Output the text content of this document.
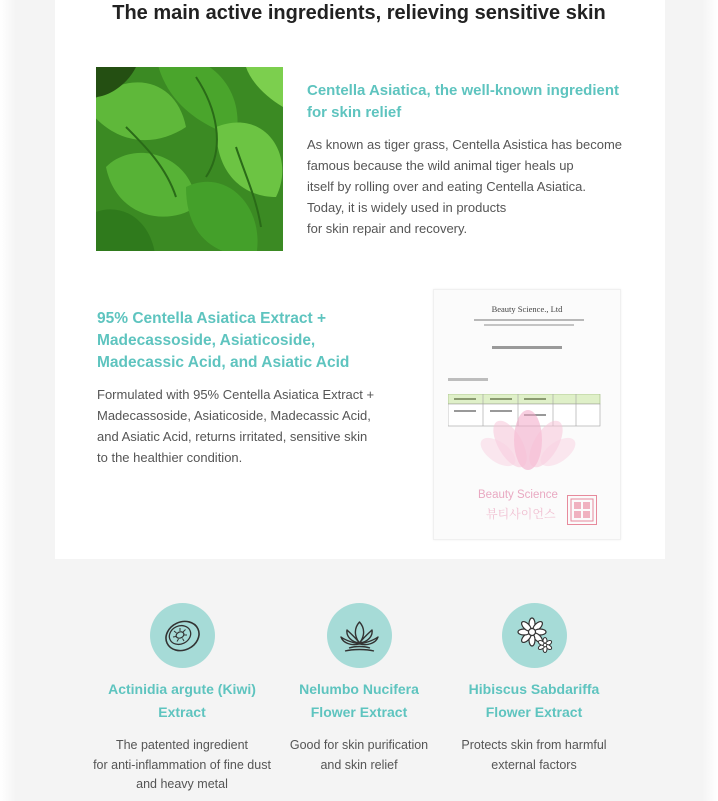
The main active ingredients, relieving sensitive skin
Centella Asiatica, the well-known ingredient
for skin relief
As known as tiger grass, Centella Asistica has become
famous because the wild animal tiger heals up
itself by rolling over and eating Centella Asiatica.
Today, it is widely used in products
for skin repair and recovery.
95% Centella Asiatica Extract +
Madecassoside, Asiaticoside,
Madecassic Acid, and Asiatic Acid
Formulated with 95% Centella Asiatica Extract +
Madecassoside, Asiaticoside, Madecassic Acid,
and Asiatic Acid, returns irritated, sensitive skin
to the healthier condition.
Beauty Science., Ltd
Beauty Science
뷰티사이언스
Actinidia argute (Kiwi)
Extract
The patented ingredient
for anti-inflammation of fine dust
and heavy metal
Nelumbo Nucifera
Flower Extract
Good for skin purification
and skin relief
Hibiscus Sabdariffa
Flower Extract
Protects skin from harmful
external factors
